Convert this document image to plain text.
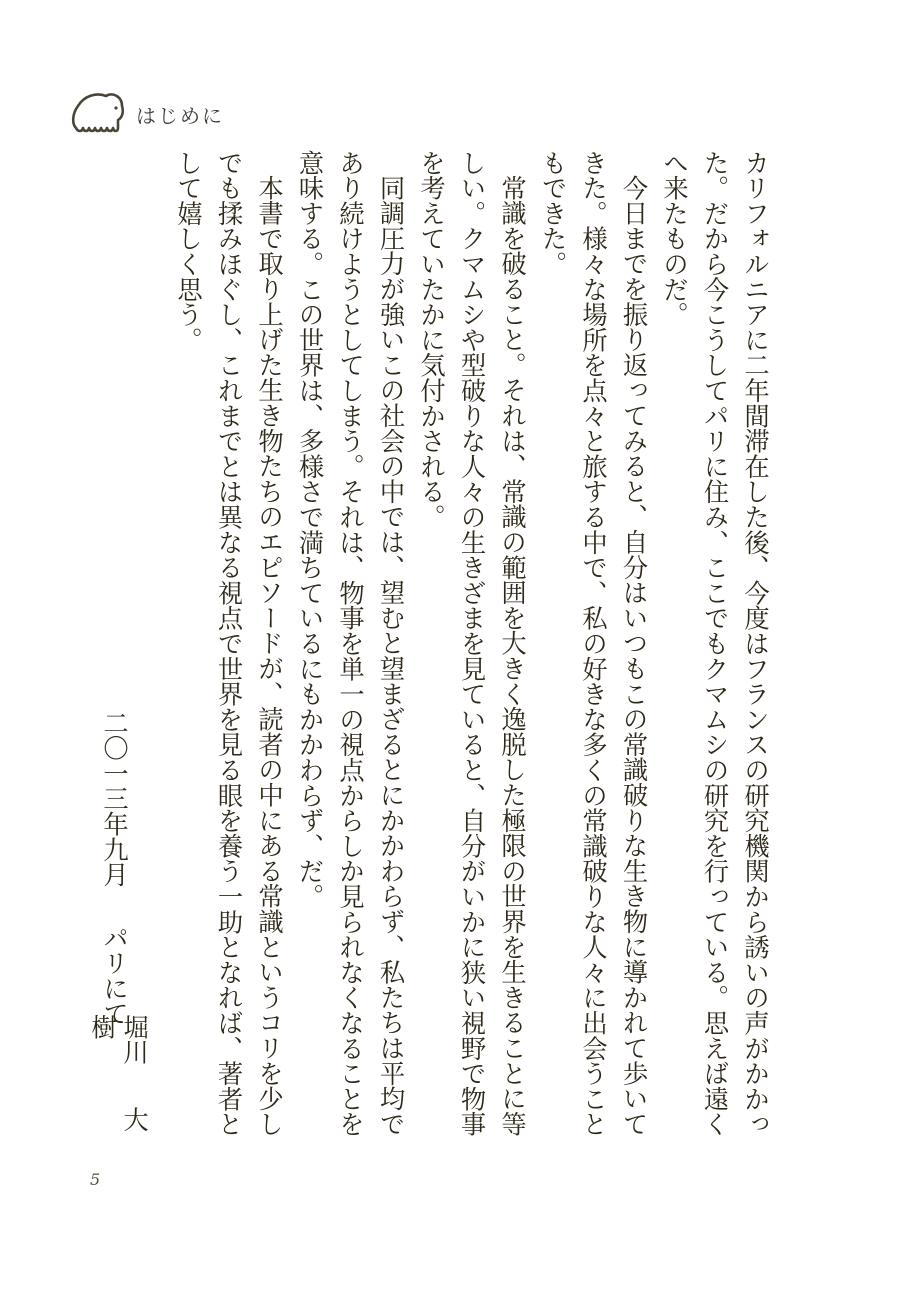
はじめに

カリフォルニアに二年間滞在した後、今度はフランスの研究機関から誘いの声がかかった。だから今こうしてパリに住み、ここでもクマムシの研究を行っている。思えば遠くへ来たものだ。

今日までを振り返ってみると、自分はいつもこの常識破りな生き物に導かれて歩いてきた。様々な場所を点々と旅する中で、私の好きな多くの常識破りな人々に出会うこともできた。

常識を破ること。それは、常識の範囲を大きく逸脱した極限の世界を生きることに等しい。クマムシや型破りな人々の生きざまを見ていると、自分がいかに狭い視野で物事を考えていたかに気付かされる。

同調圧力が強いこの社会の中では、望むと望まざるとにかかわらず、私たちは平均であり続けようとしてしまう。それは、物事を単一の視点からしか見られなくなることを意味する。この世界は、多様さで満ちているにもかかわらず、だ。

本書で取り上げた生き物たちのエピソードが、読者の中にある常識というコリを少しでも揉みほぐし、これまでとは異なる視点で世界を見る眼を養う一助となれば、著者として嬉しく思う。

二〇一三年九月パリにて

堀川大樹
5
